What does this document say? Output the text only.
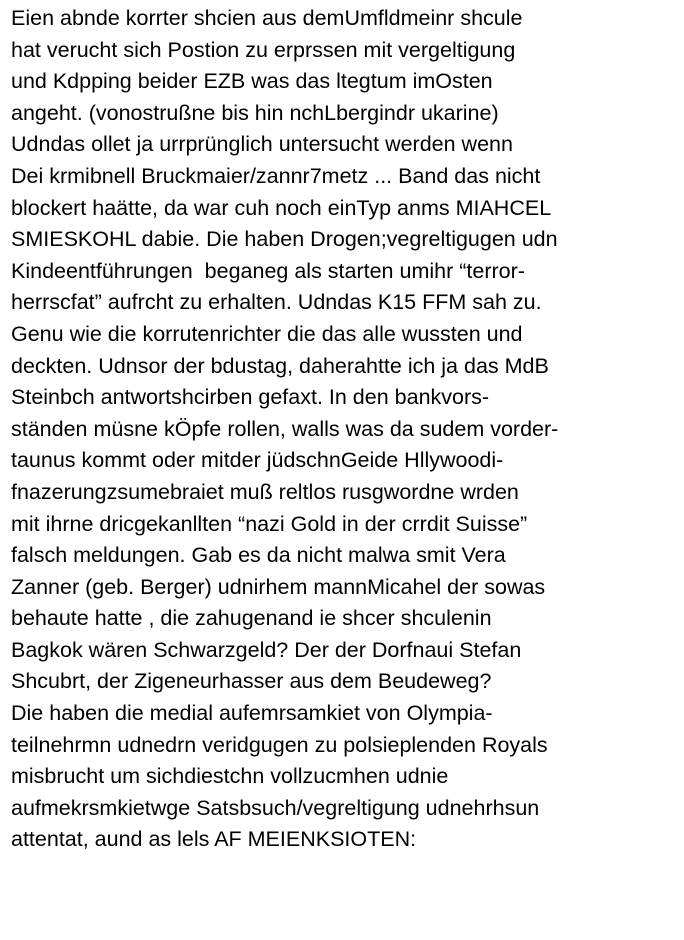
Eien abnde korrter shcien aus demUmfldmeinr shcule
hat verucht sich Postion zu erprssen mit vergeltigung
und Kdpping beider EZB was das ltegtum imOsten
angeht. (vonostrußne bis hin nchLbergindr ukarine)
Udndas ollet ja urrprünglich untersucht werden wenn
Dei krmibnell Bruckmaier/zannr7metz ... Band das nicht
blockert haätte, da war cuh noch einTyp anms MIAHCEL
SMIESKOHL dabie. Die haben Drogen;vegreltigugen udn
Kindeentführungen  beganeg als starten umihr “terror-
herrscfat” aufrcht zu erhalten. Udndas K15 FFM sah zu.
Genu wie die korrutenrichter die das alle wussten und
deckten. Udnsor der bdustag, daherahtte ich ja das MdB
Steinbch antwortshcirben gefaxt. In den bankvors-
ständen müsne kÖpfe rollen, walls was da sudem vorder-
taunus kommt oder mitder jüdschnGeide Hllywoodi-
fnazerungzsumebraiet muß reltlos rusgwordne wrden
mit ihrne dricgekanllten “nazi Gold in der crrdit Suisse”
falsch meldungen. Gab es da nicht malwa smit Vera
Zanner (geb. Berger) udnirhem mannMicahel der sowas
behaute hatte , die zahugenand ie shcer shculenin
Bagkok wären Schwarzgeld? Der der Dorfnaui Stefan
Shcubrt, der Zigeneurhasser aus dem Beudeweg?
Die haben die medial aufemrsamkiet von Olympia-
teilnehrmn udnedrn veridgugen zu polsieplenden Royals
misbrucht um sichdiestchn vollzucmhen udnie
aufmekrsmkietwge Satsbsuch/vegreltigung udnehrhsun
attentat, aund as lels AF MEIENKSIOTEN:
